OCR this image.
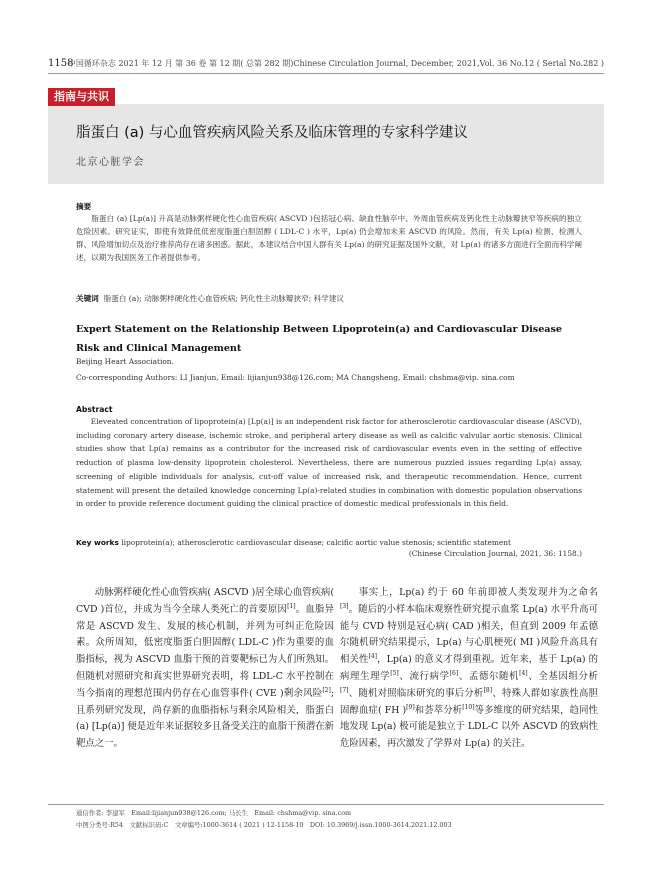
1158
中国循环杂志 2021 年 12 月 第 36 卷 第 12 期( 总第 282 期)Chinese Circulation Journal, December, 2021,Vol. 36 No.12 ( Serial No.282 )
指南与共识
脂蛋白 (a) 与心血管疾病风险关系及临床管理的专家科学建议
北京心脏学会
摘要

脂蛋白 (a) [Lp(a)] 升高是动脉粥样硬化性心血管疾病( ASCVD )包括冠心病、缺血性脑卒中、外周血管疾病及钙化性主动脉瓣狭窄等疾病的独立危险因素。研究证实，即使有效降低低密度脂蛋白胆固醇 ( LDL-C ) 水平，Lp(a) 仍会增加未来 ASCVD 的风险。然而，有关 Lp(a) 检测、检测人群、风险增加切点及治疗推荐尚存在诸多困惑。据此，本建议结合中国人群有关 Lp(a) 的研究证据及国外文献，对 Lp(a) 的诸多方面进行全面而科学阐述，以期为我国医务工作者提供参考。

关键词 脂蛋白 (a); 动脉粥样硬化性心血管疾病; 钙化性主动脉瓣狭窄; 科学建议
Expert Statement on the Relationship Between Lipoprotein(a) and Cardiovascular Disease Risk and Clinical Management
Beijing Heart Association.
Co-corresponding Authors: LI Jianjun, Email: lijianjun938@126.com; MA Changsheng, Email: chshma@vip. sina.com
Abstract

Eleveated concentration of lipoprotein(a) [Lp(a)] is an independent risk factor for atherosclerotic cardiovascular disease (ASCVD), including coronary artery disease, ischemic stroke, and peripheral artery disease as well as calcific valvular aortic stenosis. Clinical studies show that Lp(a) remains as a contributor for the increased risk of cardiovascular events even in the setting of effective reduction of plasma low-density lipoprotein cholesterol. Nevertheless, there are numerous puzzled issues regarding Lp(a) assay, screening of eligible individuals for analysis, cut-off value of increased risk, and therapeutic recommendation. Hence, current statement will present the detailed knowledge concerning Lp(a)-related studies in combination with domestic population observations in order to provide reference document guiding the clinical practice of domestic medical professionals in this field.

Key works lipoprotein(a); atherosclerotic cardiovascular disease; calcific aortic value stenosis; scientific statement
(Chinese Circulation Journal, 2021, 36: 1158.)

动脉粥样硬化性心血管疾病( ASCVD )居全球心血管疾病( CVD )首位，并成为当今全球人类死亡的首要原因[1]。血脂异常是 ASCVD 发生、发展的核心机制，并列为可纠正危险因素。众所周知，低密度脂蛋白胆固醇( LDL-C )作为重要的血脂指标，视为 ASCVD 血脂干预的首要靶标已为人们所熟知。但随机对照研究和真实世界研究表明，将 LDL-C 水平控制在当今指南的理想范围内仍存在心血管事件( CVE )剩余风险[2]; 且系列研究发现，尚存新的血脂指标与剩余风险相关，脂蛋白 (a) [Lp(a)] 便是近年来证据较多且备受关注的血脂干预潜在新靶点之一。

事实上，Lp(a) 约于 60 年前即被人类发现并为之命名[3]。随后的小样本临床观察性研究提示血浆 Lp(a) 水平升高可能与 CVD 特别是冠心病( CAD )相关，但直到 2009 年孟德尔随机研究结果提示，Lp(a) 与心肌梗死( MI )风险升高具有相关性[4]，Lp(a) 的意义才得到重视。近年来，基于 Lp(a) 的病理生理学[5]、流行病学[6]、孟德尔随机[4]、全基因组分析[7]、随机对照临床研究的事后分析[8]、特殊人群如家族性高胆固醇血症( FH )[9]和荟萃分析[10]等多维度的研究结果，趋同性地发现 Lp(a) 极可能是独立于 LDL-C 以外 ASCVD 的致病性危险因素，再次激发了学界对 Lp(a) 的关注。

通信作者: 李建军　Email:lijianjun938@126.com; 马长生　Email: chshma@vip. sina.com
中图分类号:R54　文献标识码:C　文章编号:1000-3614 ( 2021 ) 12-1158-10　DOI: 10.3969/j.issn.1000-3614.2021.12.003
